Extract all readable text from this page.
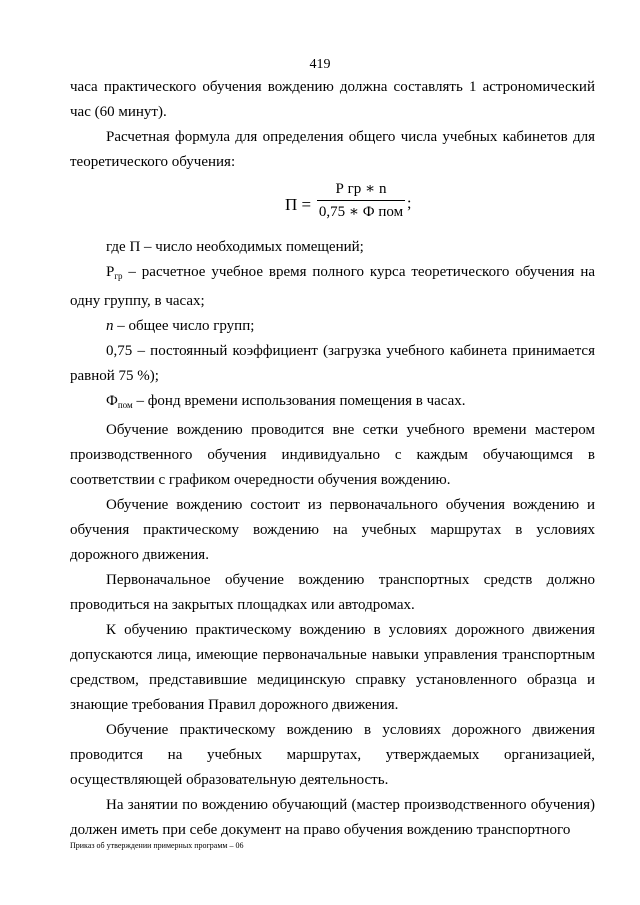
419

часа практического обучения вождению должна составлять 1 астрономический час (60 минут).

Расчетная формула для определения общего числа учебных кабинетов для теоретического обучения:

П =
Р гр ∗ n
0,75 ∗ Ф пом ;

где П – число необходимых помещений;

$Р_{гр}$ – расчетное учебное время полного курса теоретического обучения на одну группу, в часах;

n – общее число групп;

0,75 – постоянный коэффициент (загрузка учебного кабинета принимается равной 75 %);

$Ф_{пом}$ – фонд времени использования помещения в часах.

Обучение вождению проводится вне сетки учебного времени мастером производственного обучения индивидуально с каждым обучающимся в соответствии с графиком очередности обучения вождению.

Обучение вождению состоит из первоначального обучения вождению и обучения практическому вождению на учебных маршрутах в условиях дорожного движения.

Первоначальное обучение вождению транспортных средств должно проводиться на закрытых площадках или автодромах.

К обучению практическому вождению в условиях дорожного движения допускаются лица, имеющие первоначальные навыки управления транспортным средством, представившие медицинскую справку установленного образца и знающие требования Правил дорожного движения.

Обучение практическому вождению в условиях дорожного движения проводится на учебных маршрутах, утверждаемых организацией, осуществляющей образовательную деятельность.

На занятии по вождению обучающий (мастер производственного обучения) должен иметь при себе документ на право обучения вождению транспортного

Приказ об утверждении примерных программ – 06
